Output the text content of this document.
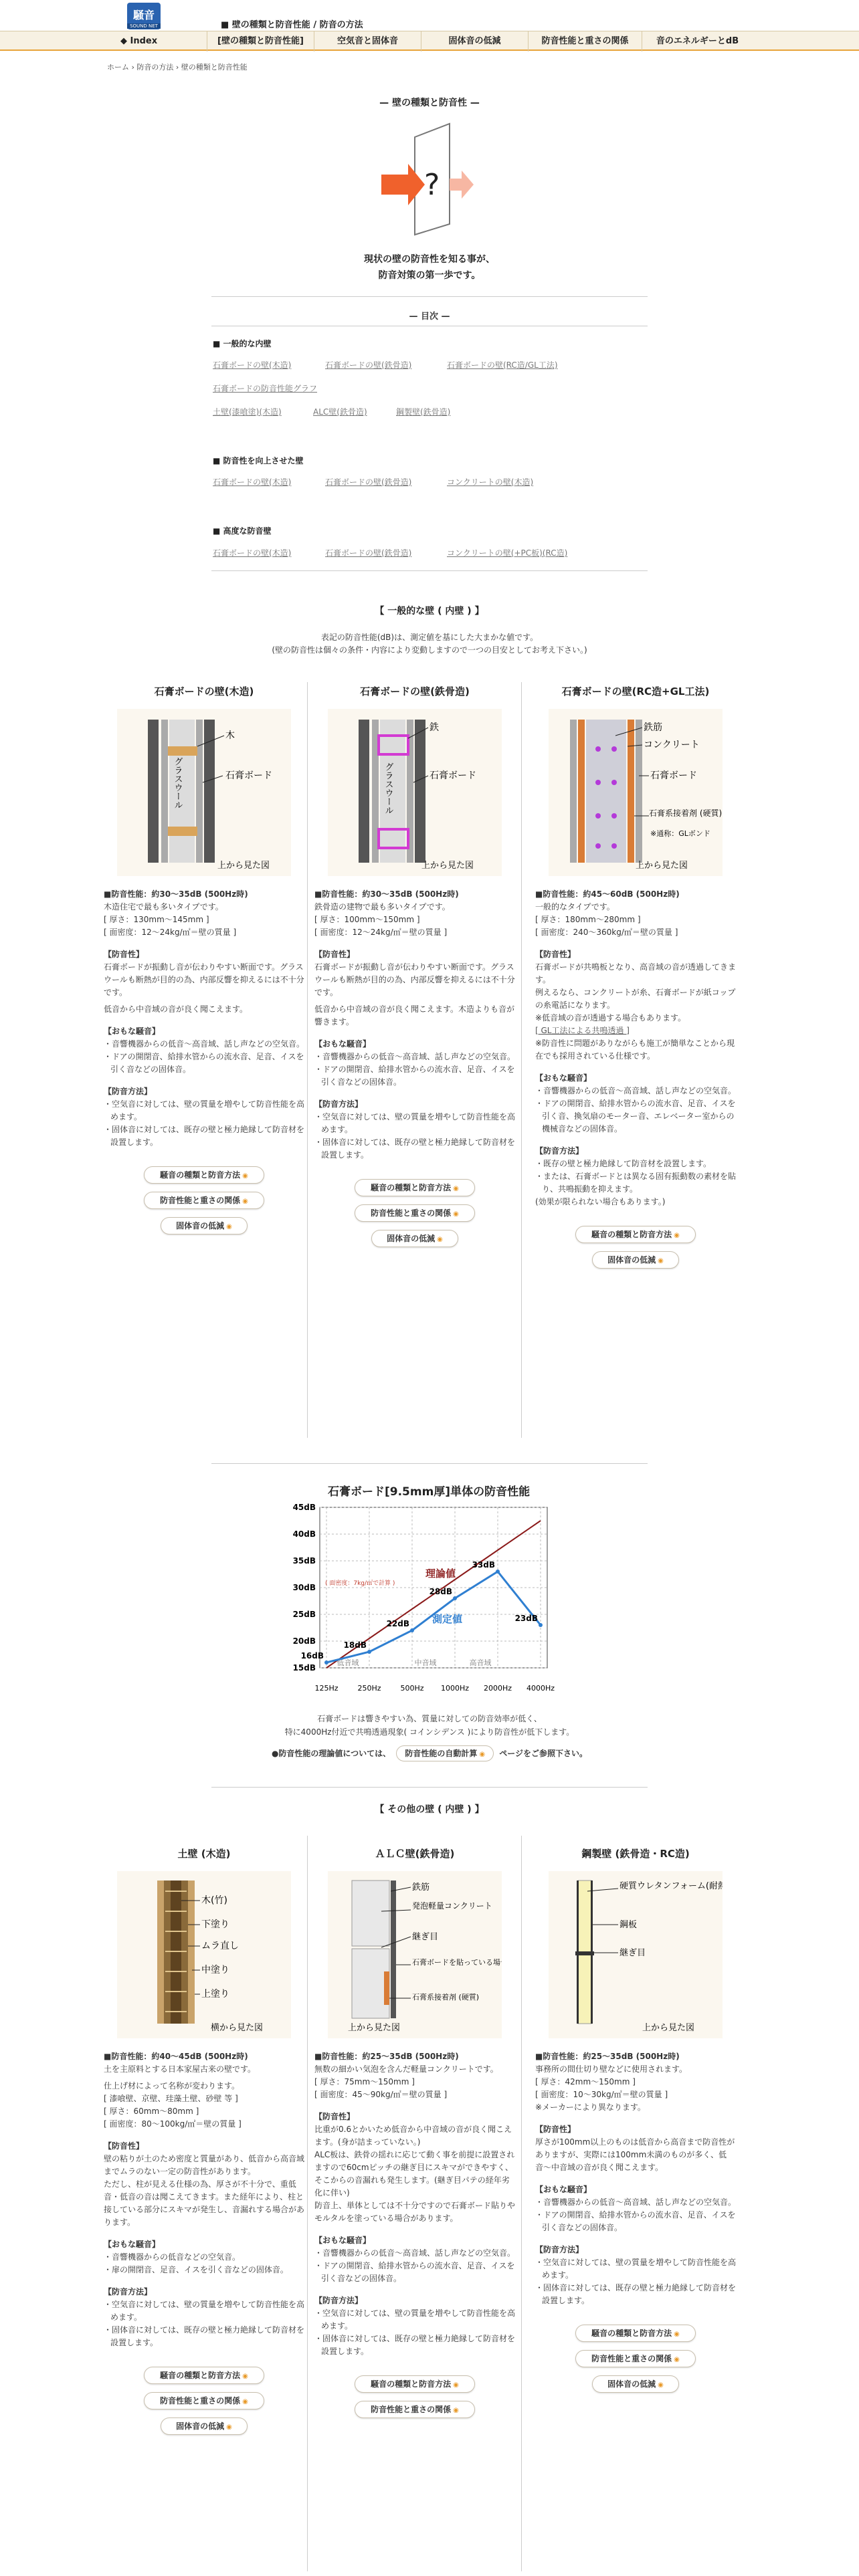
騒音
SOUND NET	■ 壁の種類と防音性能 / 防音の方法
◆ Index	[壁の種類と防音性能]	空気音と固体音	固体音の低減	防音性能と重さの関係	音のエネルギーとdB
ホーム › 防音の方法 › 壁の種類と防音性能
— 壁の種類と防音性 —
?
現状の壁の防音性を知る事が、
防音対策の第一歩です。
— 目次 —
■ 一般的な内壁
石膏ボードの壁(木造)	石膏ボードの壁(鉄骨造)	石膏ボードの壁(RC造/GL工法)
石膏ボードの防音性能グラフ
土壁(漆喰塗)(木造)	ALC壁(鉄骨造)	鋼製壁(鉄骨造)
■ 防音性を向上させた壁
石膏ボードの壁(木造)	石膏ボードの壁(鉄骨造)	コンクリートの壁(木造)
■ 高度な防音壁
石膏ボードの壁(木造)	石膏ボードの壁(鉄骨造)	コンクリートの壁(+PC板)(RC造)
【 一般的な壁 ( 内壁 ) 】
表記の防音性能(dB)は、測定値を基にした大まかな値です。
(壁の防音性は個々の条件・内容により変動しますので一つの目安としてお考え下さい。)
石膏ボードの壁(木造)
木
石膏ボード
グラスウール
上から見た図
■防音性能：約30〜35dB (500Hz時)
木造住宅で最も多いタイプです。
[ 厚さ：130mm〜145mm ]
[ 面密度：12〜24kg/㎡＝壁の質量 ]
【防音性】
石膏ボードが振動し音が伝わりやすい断面です。グラスウールも断熱が目的の為、内部反響を抑えるには不十分です。
低音から中音域の音が良く聞こえます。
【おもな騒音】
・音響機器からの低音〜高音域、話し声などの空気音。
・ドアの開閉音、給排水管からの流水音、足音、イスを引く音などの固体音。
【防音方法】
・空気音に対しては、壁の質量を増やして防音性能を高めます。
・固体音に対しては、既存の壁と極力絶縁して防音材を設置します。
騒音の種類と防音方法 ◉
防音性能と重さの関係 ◉
固体音の低減 ◉
石膏ボードの壁(鉄骨造)
鉄
石膏ボード
グラスウール
上から見た図
■防音性能：約30〜35dB (500Hz時)
鉄骨造の建物で最も多いタイプです。
[ 厚さ：100mm〜150mm ]
[ 面密度：12〜24kg/㎡＝壁の質量 ]
【防音性】
石膏ボードが振動し音が伝わりやすい断面です。グラスウールも断熱が目的の為、内部反響を抑えるには不十分です。
低音から中音域の音が良く聞こえます。木造よりも音が響きます。
【おもな騒音】
・音響機器からの低音〜高音域、話し声などの空気音。
・ドアの開閉音、給排水管からの流水音、足音、イスを引く音などの固体音。
【防音方法】
・空気音に対しては、壁の質量を増やして防音性能を高めます。
・固体音に対しては、既存の壁と極力絶縁して防音材を設置します。
騒音の種類と防音方法 ◉
防音性能と重さの関係 ◉
固体音の低減 ◉
石膏ボードの壁(RC造+GL工法)
鉄筋
コンクリート
石膏ボード
石膏系接着剤 (硬質)
※通称：GLボンド
上から見た図
■防音性能：約45〜60dB (500Hz時)
一般的なタイプです。
[ 厚さ：180mm〜280mm ]
[ 面密度：240〜360kg/㎡＝壁の質量 ]
【防音性】
石膏ボードが共鳴板となり、高音域の音が透過してきます。
例えるなら、コンクリートが糸、石膏ボードが紙コップの糸電話になります。
※低音域の音が透過する場合もあります。
[ GL工法による共鳴透過 ]
※防音性に問題がありながらも施工が簡単なことから現在でも採用されている仕様です。
【おもな騒音】
・音響機器からの低音〜高音域、話し声などの空気音。
・ドアの開閉音、給排水管からの流水音、足音、イスを引く音、換気扇のモーター音、エレベーター室からの機械音などの固体音。
【防音方法】
・既存の壁と極力絶縁して防音材を設置します。
・または、石膏ボードとは異なる固有振動数の素材を貼り、共鳴振動を抑えます。
(効果が限られない場合もあります。)
騒音の種類と防音方法 ◉
固体音の低減 ◉
石膏ボード[9.5mm厚]単体の防音性能
45dB
40dB
35dB
30dB
25dB
20dB
15dB
125Hz	250Hz	500Hz 1000Hz 2000Hz 4000Hz
低音域	中音域	高音域
理論値
( 面密度：7kg/㎡で計算 )
16dB
18dB
22dB
28dB
33dB
23dB
測定値
石膏ボードは響きやすい為、質量に対しての防音効率が低く、
特に4000Hz付近で共鳴透過現象( コインシデンス )により防音性が低下します。
●防音性能の理論値については、 防音性能の自動計算 ◉ ページをご参照下さい。
【 その他の壁 ( 内壁 ) 】
土壁 (木造)
木(竹)
下塗り
ムラ直し
中塗り
上塗り
横から見た図
■防音性能：約40〜45dB (500Hz時)
土を主原料とする日本家屋古来の壁です。
仕上げ材によって名称が変わります。
[ 漆喰壁、京壁、珪藻土壁、砂壁 等 ]
[ 厚さ：60mm〜80mm ]
[ 面密度：80〜100kg/㎡＝壁の質量 ]
【防音性】
壁の粘りが土のため密度と質量があり、低音から高音域までムラのない一定の防音性があります。
ただし、柱が見える仕様の為、厚さが不十分で、重低音・低音の音は聞こえてきます。また経年により、柱と接している部分にスキマが発生し、音漏れする場合があります。
【おもな騒音】
・音響機器からの低音などの空気音。
・扉の開閉音、足音、イスを引く音などの固体音。
【防音方法】
・空気音に対しては、壁の質量を増やして防音性能を高めます。
・固体音に対しては、既存の壁と極力絶縁して防音材を設置します。
騒音の種類と防音方法 ◉
防音性能と重さの関係 ◉
固体音の低減 ◉
ＡＬＣ壁(鉄骨造)
鉄筋
発泡軽量コンクリート
継ぎ目
石膏ボードを貼っている場合
石膏系接着剤 (硬質)
上から見た図
■防音性能：約25〜35dB (500Hz時)
無数の細かい気泡を含んだ軽量コンクリートです。
[ 厚さ：75mm〜150mm ]
[ 面密度：45〜90kg/㎡＝壁の質量 ]
【防音性】
比重が0.6とかいため低音から中音域の音が良く聞こえます。(身が詰まっていない。)
ALC板は、鉄骨の揺れに応じて動く事を前提に設置されますので60cmピッチの継ぎ目にスキマができやすく、そこからの音漏れも発生します。(継ぎ目パテの経年劣化に伴い)
防音上、単体としては不十分ですので石膏ボード貼りやモルタルを塗っている場合があります。
【おもな騒音】
・音響機器からの低音〜高音域、話し声などの空気音。
・ドアの開閉音、給排水管からの流水音、足音、イスを引く音などの固体音。
【防音方法】
・空気音に対しては、壁の質量を増やして防音性能を高めます。
・固体音に対しては、既存の壁と極力絶縁して防音材を設置します。
騒音の種類と防音方法 ◉
防音性能と重さの関係 ◉
鋼製壁 (鉄骨造・RC造)
硬質ウレタンフォーム(耐熱)
鋼板
継ぎ目
上から見た図
■防音性能：約25〜35dB (500Hz時)
事務所の間仕切り壁などに使用されます。
[ 厚さ：42mm〜150mm ]
[ 面密度：10〜30kg/㎡＝壁の質量 ]
※メーカーにより異なります。
【防音性】
厚さが100mm以上のものは低音から高音まで防音性がありますが、実際には100mm未満のものが多く、低音〜中音域の音が良く聞こえます。
【おもな騒音】
・音響機器からの低音〜高音域、話し声などの空気音。
・ドアの開閉音、給排水管からの流水音、足音、イスを引く音などの固体音。
【防音方法】
・空気音に対しては、壁の質量を増やして防音性能を高めます。
・固体音に対しては、既存の壁と極力絶縁して防音材を設置します。
騒音の種類と防音方法 ◉
防音性能と重さの関係 ◉
固体音の低減 ◉
